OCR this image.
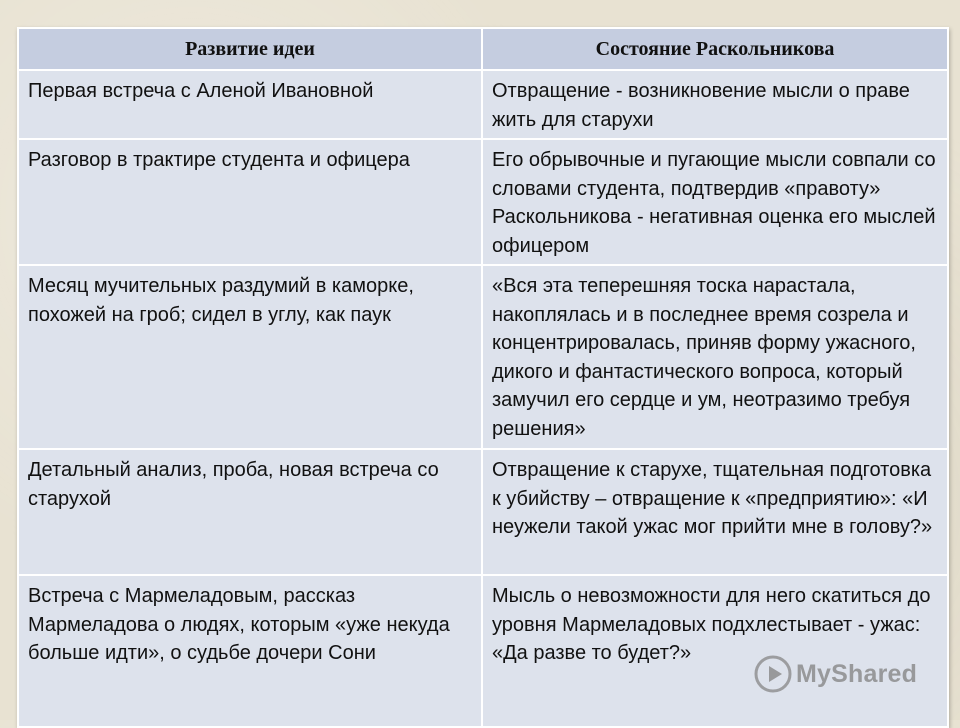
Развитие идеи	Состояние Раскольникова
Первая встреча с Аленой Ивановной	Отвращение - возникновение мысли о праве жить для старухи
Разговор в трактире студента и офицера	Его обрывочные и пугающие мысли совпали со словами студента, подтвердив «правоту» Раскольникова - негативная оценка его мыслей офицером
Месяц мучительных раздумий в каморке, похожей на гроб; сидел в углу, как паук	«Вся эта теперешняя тоска нарастала, накоплялась и в последнее время созрела и концентрировалась, приняв форму ужасного, дикого и фантастического вопроса, который замучил его сердце и ум, неотразимо требуя решения»
Детальный анализ, проба, новая встреча со старухой	Отвращение к старухе, тщательная подготовка к убийству – отвращение к «предприятию»: «И неужели такой ужас мог прийти мне в голову?»
Встреча с Мармеладовым, рассказ Мармеладова о людях, которым «уже некуда больше идти», о судьбе дочери Сони	Мысль о невозможности для него скатиться до уровня Мармеладовых подхлестывает - ужас: «Да разве то будет?»
MyShared
